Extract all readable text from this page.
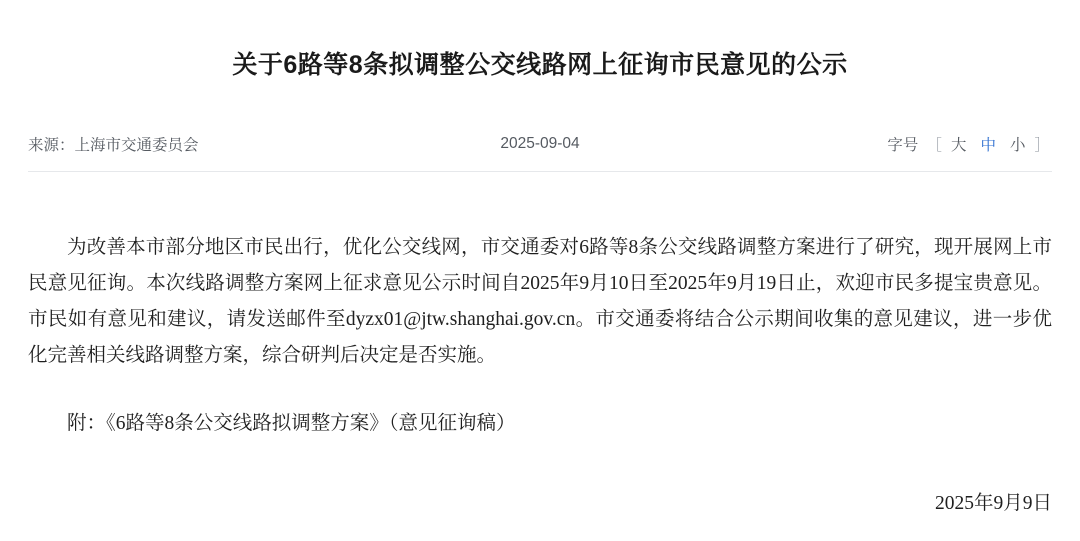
关于6路等8条拟调整公交线路网上征询市民意见的公示
来源：上海市交通委员会	2025-09-04	字号 ［ 大 中 小 ］

为改善本市部分地区市民出行，优化公交线网，市交通委对6路等8条公交线路调整方案进行了研究，现开展网上市民意见征询。本次线路调整方案网上征求意见公示时间自2025年9月10日至2025年9月19日止，欢迎市民多提宝贵意见。市民如有意见和建议，请发送邮件至dyzx01@jtw.shanghai.gov.cn。市交通委将结合公示期间收集的意见建议，进一步优化完善相关线路调整方案，综合研判后决定是否实施。

附：《6路等8条公交线路拟调整方案》（意见征询稿）

2025年9月9日
